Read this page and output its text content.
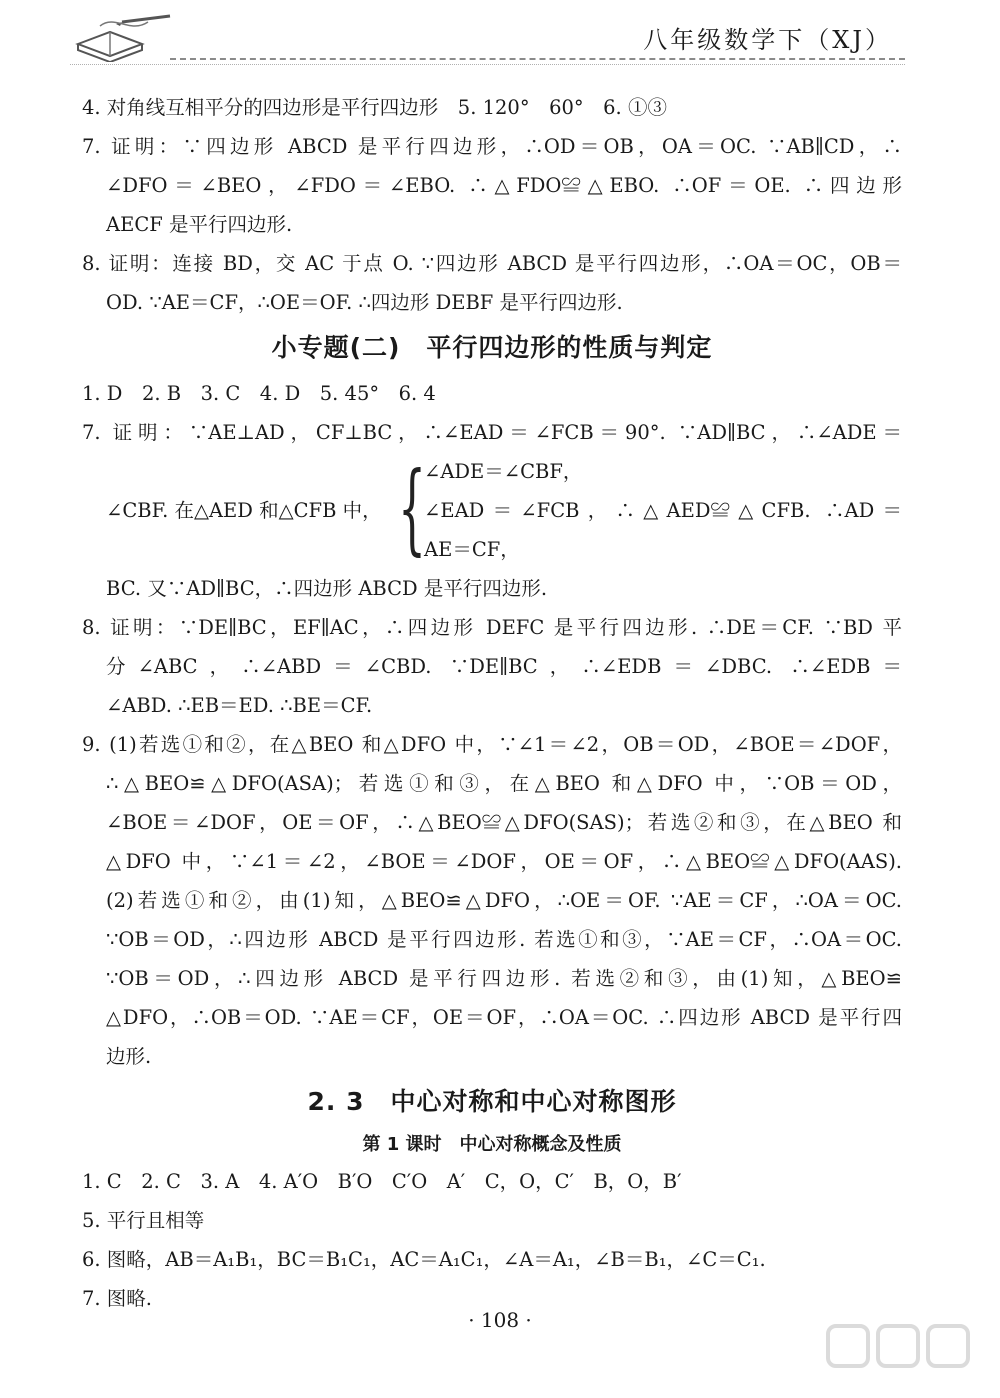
八年级数学下（XJ）
4. 对角线互相平分的四边形是平行四边形　5. 120°　60°　6. ①③
7. 证明：∵四边形 ABCD 是平行四边形，∴OD＝OB，OA＝OC. ∵AB∥CD，∴
∠DFO＝∠BEO，∠FDO＝∠EBO. ∴△FDO≌△EBO. ∴OF＝OE. ∴四边形
AECF 是平行四边形.
8. 证明：连接 BD，交 AC 于点 O. ∵四边形 ABCD 是平行四边形，∴OA＝OC，OB＝
OD. ∵AE＝CF，∴OE＝OF. ∴四边形 DEBF 是平行四边形.
小专题(二)　平行四边形的性质与判定
1. D　2. B　3. C　4. D　5. 45°　6. 4
7. 证明：∵AE⊥AD，CF⊥BC，∴∠EAD＝∠FCB＝90°. ∵AD∥BC，∴∠ADE＝
∠CBF. 在△AED 和△CFB 中， {
∠ADE＝∠CBF，
∠EAD＝∠FCB，∴△AED≌△CFB. ∴AD＝
AE＝CF，
BC. 又∵AD∥BC，∴四边形 ABCD 是平行四边形.
8. 证明：∵DE∥BC，EF∥AC，∴四边形 DEFC 是平行四边形. ∴DE＝CF. ∵BD 平
分∠ABC，∴∠ABD＝∠CBD. ∵DE∥BC，∴∠EDB＝∠DBC. ∴∠EDB＝
∠ABD. ∴EB＝ED. ∴BE＝CF.
9. (1)若选①和②，在△BEO 和△DFO 中，∵∠1＝∠2，OB＝OD，∠BOE＝∠DOF，
∴△BEO≌△DFO(ASA)；若选①和③，在△BEO 和△DFO 中，∵OB＝OD，
∠BOE＝∠DOF，OE＝OF，∴△BEO≌△DFO(SAS)；若选②和③，在△BEO 和
△DFO 中，∵∠1＝∠2，∠BOE＝∠DOF，OE＝OF，∴△BEO≌△DFO(AAS).
(2)若选①和②，由(1)知，△BEO≌△DFO，∴OE＝OF. ∵AE＝CF，∴OA＝OC.
∵OB＝OD，∴四边形 ABCD 是平行四边形. 若选①和③，∵AE＝CF，∴OA＝OC.
∵OB＝OD，∴四边形 ABCD 是平行四边形. 若选②和③，由(1)知，△BEO≌
△DFO，∴OB＝OD. ∵AE＝CF，OE＝OF，∴OA＝OC. ∴四边形 ABCD 是平行四
边形.
2. 3　中心对称和中心对称图形
第 1 课时　中心对称概念及性质
1. C　2. C　3. A　4. A′O　B′O　C′O　A′　C，O，C′　B，O，B′
5. 平行且相等
6. 图略，AB＝A₁B₁，BC＝B₁C₁，AC＝A₁C₁，∠A＝A₁，∠B＝B₁，∠C＝C₁.
7. 图略.
· 108 ·
